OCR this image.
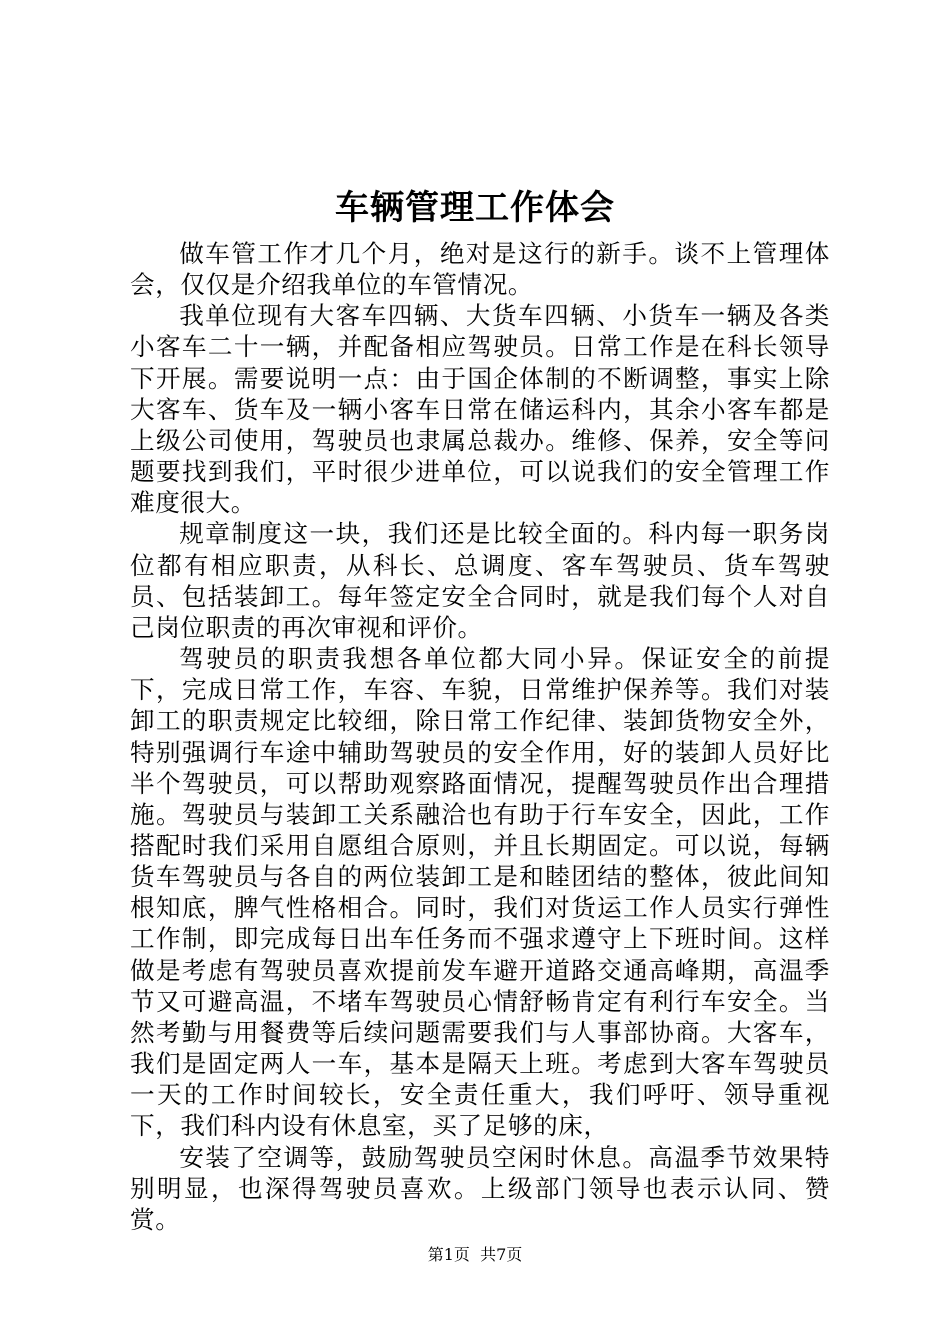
车辆管理工作体会

做车管工作才几个月，绝对是这行的新手。谈不上管理体会，仅仅是介绍我单位的车管情况。

我单位现有大客车四辆、大货车四辆、小货车一辆及各类小客车二十一辆，并配备相应驾驶员。日常工作是在科长领导下开展。需要说明一点：由于国企体制的不断调整，事实上除大客车、货车及一辆小客车日常在储运科内，其余小客车都是上级公司使用，驾驶员也隶属总裁办。维修、保养，安全等问题要找到我们，平时很少进单位，可以说我们的安全管理工作难度很大。

规章制度这一块，我们还是比较全面的。科内每一职务岗位都有相应职责，从科长、总调度、客车驾驶员、货车驾驶员、包括装卸工。每年签定安全合同时，就是我们每个人对自己岗位职责的再次审视和评价。

驾驶员的职责我想各单位都大同小异。保证安全的前提下，完成日常工作，车容、车貌，日常维护保养等。我们对装卸工的职责规定比较细，除日常工作纪律、装卸货物安全外，特别强调行车途中辅助驾驶员的安全作用，好的装卸人员好比半个驾驶员，可以帮助观察路面情况，提醒驾驶员作出合理措施。驾驶员与装卸工关系融洽也有助于行车安全，因此，工作搭配时我们采用自愿组合原则，并且长期固定。可以说，每辆货车驾驶员与各自的两位装卸工是和睦团结的整体，彼此间知根知底，脾气性格相合。同时，我们对货运工作人员实行弹性工作制，即完成每日出车任务而不强求遵守上下班时间。这样做是考虑有驾驶员喜欢提前发车避开道路交通高峰期，高温季节又可避高温，不堵车驾驶员心情舒畅肯定有利行车安全。当然考勤与用餐费等后续问题需要我们与人事部协商。大客车，我们是固定两人一车，基本是隔天上班。考虑到大客车驾驶员一天的工作时间较长，安全责任重大，我们呼吁、领导重视下，我们科内设有休息室，买了足够的床，

安装了空调等，鼓励驾驶员空闲时休息。高温季节效果特别明显，也深得驾驶员喜欢。上级部门领导也表示认同、赞赏。

第1页 共7页
